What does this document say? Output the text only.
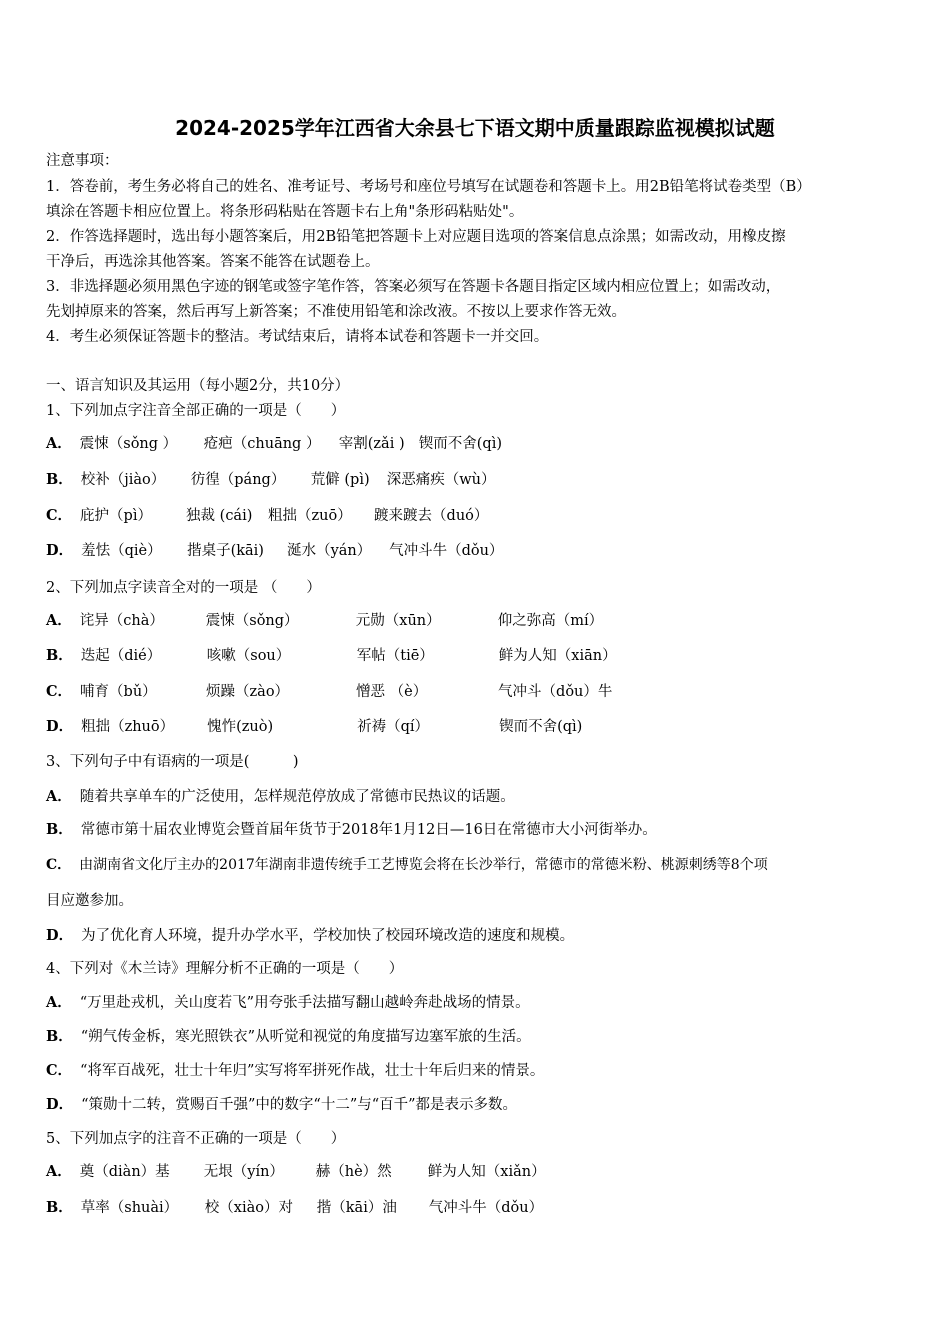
2024-2025学年江西省大余县七下语文期中质量跟踪监视模拟试题
注意事项：
1．答卷前，考生务必将自己的姓名、准考证号、考场号和座位号填写在试题卷和答题卡上。用2B铅笔将试卷类型（B）
填涂在答题卡相应位置上。将条形码粘贴在答题卡右上角"条形码粘贴处"。
2．作答选择题时，选出每小题答案后，用2B铅笔把答题卡上对应题目选项的答案信息点涂黑；如需改动，用橡皮擦
干净后，再选涂其他答案。答案不能答在试题卷上。
3．非选择题必须用黑色字迹的钢笔或签字笔作答，答案必须写在答题卡各题目指定区域内相应位置上；如需改动，
先划掉原来的答案，然后再写上新答案；不准使用铅笔和涂改液。不按以上要求作答无效。
4．考生必须保证答题卡的整洁。考试结束后，请将本试卷和答题卡一并交回。
一、语言知识及其运用（每小题2分，共10分）
1、下列加点字注音全部正确的一项是（　　）
A． 震悚（sǒng ） 疮疤（chuāng ） 宰割(zǎi ) 锲而不舍(qì)
B． 校补（jiào） 彷徨（páng） 荒僻 (pì) 深恶痛疾（wù）
C． 庇护（pì） 独裁 (cái) 粗拙（zuō） 踱来踱去（duó）
D． 羞怯（qiè） 揩桌子(kāi) 涎水（yán） 气冲斗牛（dǒu）
2、下列加点字读音全对的一项是 （　　）
A． 诧异（chà）	震悚（sǒng）	元勋（xūn）	仰之弥高（mí）
B． 迭起（dié）	咳嗽（sou）	军帖（tiē）	鲜为人知（xiān）
C． 哺育（bǔ）	烦躁（zào）	憎恶 （è）	气冲斗（dǒu）牛
D． 粗拙（zhuō） 愧怍(zuò)	祈祷（qí）	锲而不舍(qì)
3、下列句子中有语病的一项是(　　　)
A． 随着共享单车的广泛使用，怎样规范停放成了常德市民热议的话题。
B． 常德市第十届农业博览会暨首届年货节于2018年1月12日—16日在常德市大小河街举办。
C． 由湖南省文化厅主办的2017年湖南非遗传统手工艺博览会将在长沙举行，常德市的常德米粉、桃源刺绣等8个项
目应邀参加。
D． 为了优化育人环境，提升办学水平，学校加快了校园环境改造的速度和规模。
4、下列对《木兰诗》理解分析不正确的一项是（　　）
A． “万里赴戎机，关山度若飞”用夸张手法描写翻山越岭奔赴战场的情景。
B． “朔气传金柝，寒光照铁衣”从听觉和视觉的角度描写边塞军旅的生活。
C． “将军百战死，壮士十年归”实写将军拼死作战，壮士十年后归来的情景。
D． “策勋十二转，赏赐百千强”中的数字“十二”与“百千”都是表示多数。
5、下列加点字的注音不正确的一项是（　　）
A． 奠（diàn）基 无垠（yín） 赫（hè）然 鲜为人知（xiǎn）
B． 草率（shuài） 校（xiào）对 揩（kāi）油 气冲斗牛（dǒu）
